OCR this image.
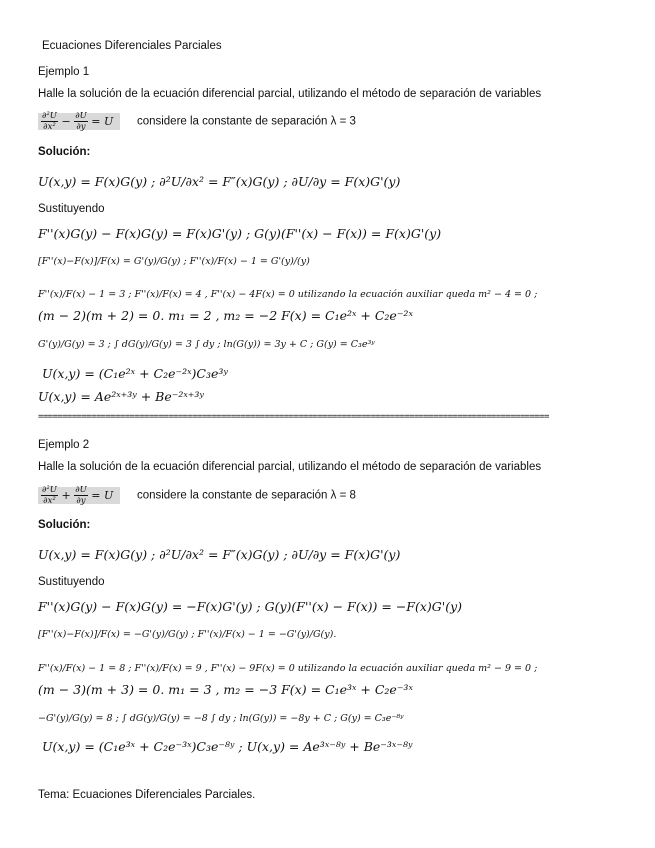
Ecuaciones Diferenciales Parciales
Ejemplo 1
Halle la solución de la ecuación diferencial parcial, utilizando el método de separación de variables
$\frac{\text{∂²U}}{\text{∂x²}} - \frac{\partial U}{\partial y} = U$ considere la constante de separación λ = 3
Solución:
U(x,y) = F(x)G(y) ; ∂²U/∂x² = F″(x)G(y) ; ∂U/∂y = F(x)G'(y)
Sustituyendo
F''(x)G(y) − F(x)G(y) = F(x)G'(y) ; G(y)(F''(x) − F(x)) = F(x)G'(y)
[F''(x)−F(x)]/F(x) = G'(y)/G(y) ; F''(x)/F(x) − 1 = G'(y)/(y)
F''(x)/F(x) − 1 = 3 ; F''(x)/F(x) = 4 , F''(x) − 4F(x) = 0 utilizando la ecuación auxiliar queda m² − 4 = 0 ;
(m − 2)(m + 2) = 0. m₁ = 2 , m₂ = −2 F(x) = C₁e²ˣ + C₂e⁻²ˣ
G'(y)/G(y) = 3 ; ∫ dG(y)/G(y) = 3 ∫ dy ; ln(G(y)) = 3y + C ; G(y) = C₃e³ʸ
U(x,y) = (C₁e²ˣ + C₂e⁻²ˣ)C₃e³ʸ
U(x,y) = Ae²ˣ⁺³ʸ + Be⁻²ˣ⁺³ʸ
==========================================================================================================
Ejemplo 2
Halle la solución de la ecuación diferencial parcial, utilizando el método de separación de variables
$\frac{\text{∂²U}}{\text{∂x²}} + \frac{\partial U}{\partial y} = U$ considere la constante de separación λ = 8
Solución:
U(x,y) = F(x)G(y) ; ∂²U/∂x² = F″(x)G(y) ; ∂U/∂y = F(x)G'(y)
Sustituyendo
F''(x)G(y) − F(x)G(y) = −F(x)G'(y) ; G(y)(F''(x) − F(x)) = −F(x)G'(y)
[F''(x)−F(x)]/F(x) = −G'(y)/G(y) ; F''(x)/F(x) − 1 = −G'(y)/G(y).
F''(x)/F(x) − 1 = 8 ; F''(x)/F(x) = 9 , F''(x) − 9F(x) = 0 utilizando la ecuación auxiliar queda m² − 9 = 0 ;
(m − 3)(m + 3) = 0. m₁ = 3 , m₂ = −3 F(x) = C₁e³ˣ + C₂e⁻³ˣ
−G'(y)/G(y) = 8 ; ∫ dG(y)/G(y) = −8 ∫ dy ; ln(G(y)) = −8y + C ; G(y) = C₃e⁻⁸ʸ
U(x,y) = (C₁e³ˣ + C₂e⁻³ˣ)C₃e⁻⁸ʸ ; U(x,y) = Ae³ˣ⁻⁸ʸ + Be⁻³ˣ⁻⁸ʸ
Tema: Ecuaciones Diferenciales Parciales.
